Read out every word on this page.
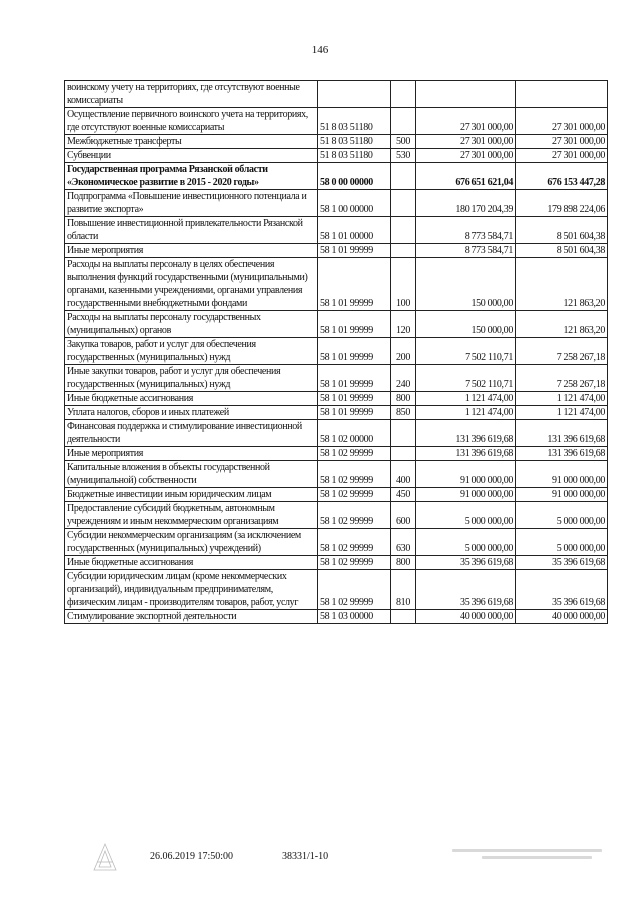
146
воинскому учету на территориях, где отсутствуют военные комиссариаты				
Осуществление первичного воинского учета на территориях, где отсутствуют военные комиссариаты	51 8 03 51180		27 301 000,00	27 301 000,00
Межбюджетные трансферты	51 8 03 51180	500	27 301 000,00	27 301 000,00
Субвенции	51 8 03 51180	530	27 301 000,00	27 301 000,00
Государственная программа Рязанской области «Экономическое развитие в 2015 - 2020 годы»	58 0 00 00000		676 651 621,04	676 153 447,28
Подпрограмма «Повышение инвестиционного потенциала и развитие экспорта»	58 1 00 00000		180 170 204,39	179 898 224,06
Повышение инвестиционной привлекательности Рязанской области	58 1 01 00000		8 773 584,71	8 501 604,38
Иные мероприятия	58 1 01 99999		8 773 584,71	8 501 604,38
Расходы на выплаты персоналу в целях обеспечения выполнения функций государственными (муниципальными) органами, казенными учреждениями, органами управления государственными внебюджетными фондами	58 1 01 99999	100	150 000,00	121 863,20
Расходы на выплаты персоналу государственных (муниципальных) органов	58 1 01 99999	120	150 000,00	121 863,20
Закупка товаров, работ и услуг для обеспечения государственных (муниципальных) нужд	58 1 01 99999	200	7 502 110,71	7 258 267,18
Иные закупки товаров, работ и услуг для обеспечения государственных (муниципальных) нужд	58 1 01 99999	240	7 502 110,71	7 258 267,18
Иные бюджетные ассигнования	58 1 01 99999	800	1 121 474,00	1 121 474,00
Уплата налогов, сборов и иных платежей	58 1 01 99999	850	1 121 474,00	1 121 474,00
Финансовая поддержка и стимулирование инвестиционной деятельности	58 1 02 00000		131 396 619,68	131 396 619,68
Иные мероприятия	58 1 02 99999		131 396 619,68	131 396 619,68
Капитальные вложения в объекты государственной (муниципальной) собственности	58 1 02 99999	400	91 000 000,00	91 000 000,00
Бюджетные инвестиции иным юридическим лицам	58 1 02 99999	450	91 000 000,00	91 000 000,00
Предоставление субсидий бюджетным, автономным учреждениям и иным некоммерческим организациям	58 1 02 99999	600	5 000 000,00	5 000 000,00
Субсидии некоммерческим организациям (за исключением государственных (муниципальных) учреждений)	58 1 02 99999	630	5 000 000,00	5 000 000,00
Иные бюджетные ассигнования	58 1 02 99999	800	35 396 619,68	35 396 619,68
Субсидии юридическим лицам (кроме некоммерческих организаций), индивидуальным предпринимателям, физическим лицам - производителям товаров, работ, услуг	58 1 02 99999	810	35 396 619,68	35 396 619,68
Стимулирование экспортной деятельности	58 1 03 00000		40 000 000,00	40 000 000,00
26.06.2019 17:50:00	38331/1-10
